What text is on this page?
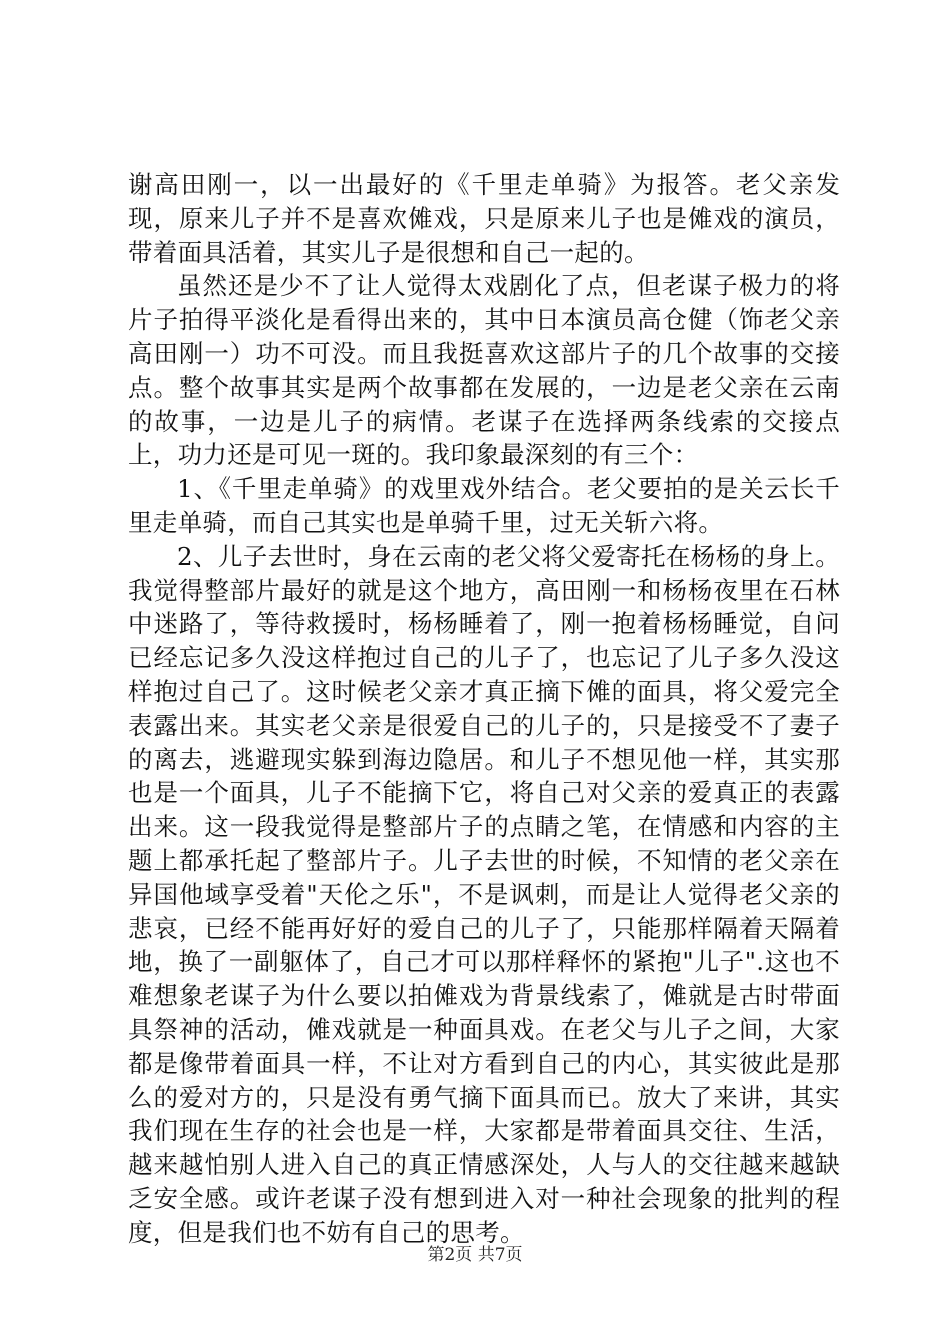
谢高田刚一，以一出最好的《千里走单骑》为报答。老父亲发现，原来儿子并不是喜欢傩戏，只是原来儿子也是傩戏的演员，带着面具活着，其实儿子是很想和自己一起的。

虽然还是少不了让人觉得太戏剧化了点，但老谋子极力的将片子拍得平淡化是看得出来的，其中日本演员高仓健（饰老父亲高田刚一）功不可没。而且我挺喜欢这部片子的几个故事的交接点。整个故事其实是两个故事都在发展的，一边是老父亲在云南的故事，一边是儿子的病情。老谋子在选择两条线索的交接点上，功力还是可见一斑的。我印象最深刻的有三个：

1、《千里走单骑》的戏里戏外结合。老父要拍的是关云长千里走单骑，而自己其实也是单骑千里，过无关斩六将。

2、儿子去世时，身在云南的老父将父爱寄托在杨杨的身上。我觉得整部片最好的就是这个地方，高田刚一和杨杨夜里在石林中迷路了，等待救援时，杨杨睡着了，刚一抱着杨杨睡觉，自问已经忘记多久没这样抱过自己的儿子了，也忘记了儿子多久没这样抱过自己了。这时候老父亲才真正摘下傩的面具，将父爱完全表露出来。其实老父亲是很爱自己的儿子的，只是接受不了妻子的离去，逃避现实躲到海边隐居。和儿子不想见他一样，其实那也是一个面具，儿子不能摘下它，将自己对父亲的爱真正的表露出来。这一段我觉得是整部片子的点睛之笔，在情感和内容的主题上都承托起了整部片子。儿子去世的时候，不知情的老父亲在异国他域享受着"天伦之乐"，不是讽刺，而是让人觉得老父亲的悲哀，已经不能再好好的爱自己的儿子了，只能那样隔着天隔着地，换了一副躯体了，自己才可以那样释怀的紧抱"儿子".这也不难想象老谋子为什么要以拍傩戏为背景线索了，傩就是古时带面具祭神的活动，傩戏就是一种面具戏。在老父与儿子之间，大家都是像带着面具一样，不让对方看到自己的内心，其实彼此是那么的爱对方的，只是没有勇气摘下面具而已。放大了来讲，其实我们现在生存的社会也是一样，大家都是带着面具交往、生活，越来越怕别人进入自己的真正情感深处，人与人的交往越来越缺乏安全感。或许老谋子没有想到进入对一种社会现象的批判的程度，但是我们也不妨有自己的思考。

第2页 共7页
